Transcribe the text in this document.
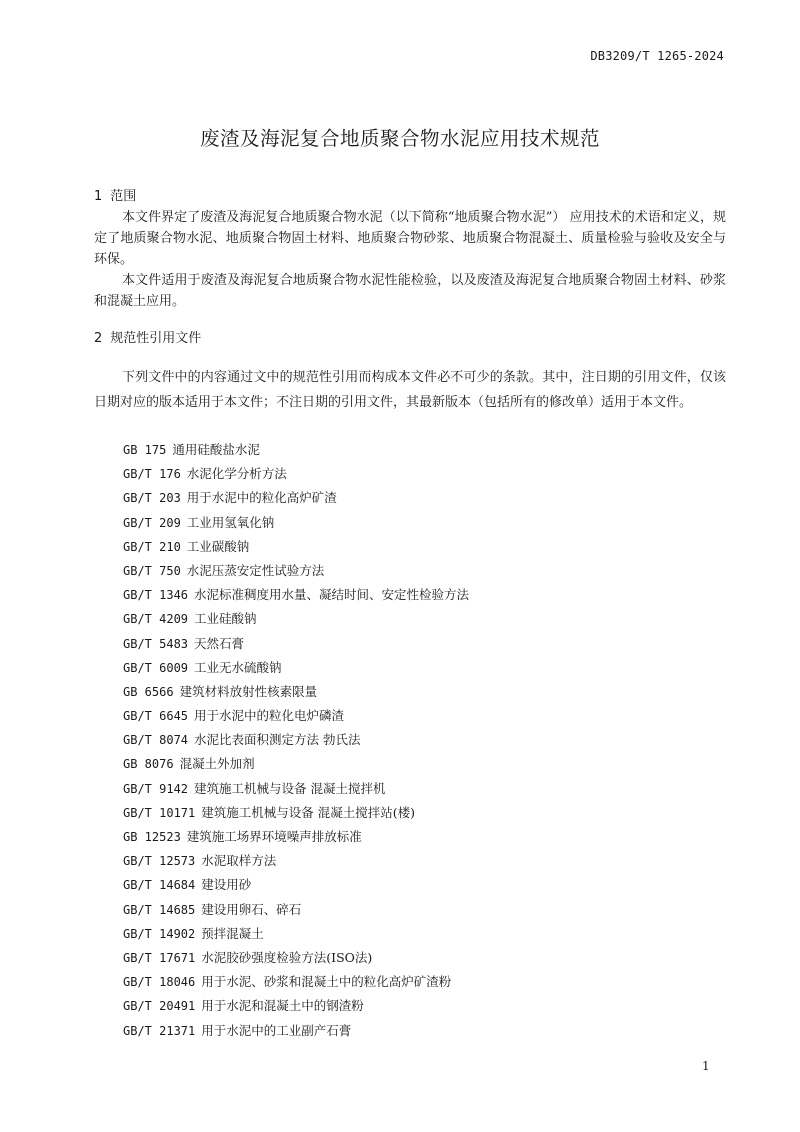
DB3209/T 1265-2024
废渣及海泥复合地质聚合物水泥应用技术规范
1 范围
本文件界定了废渣及海泥复合地质聚合物水泥（以下简称“地质聚合物水泥”） 应用技术的术语和定义，规定了地质聚合物水泥、地质聚合物固土材料、地质聚合物砂浆、地质聚合物混凝土、质量检验与验收及安全与环保。
本文件适用于废渣及海泥复合地质聚合物水泥性能检验，以及废渣及海泥复合地质聚合物固土材料、砂浆和混凝土应用。
2 规范性引用文件
下列文件中的内容通过文中的规范性引用而构成本文件必不可少的条款。其中，注日期的引用文件，仅该日期对应的版本适用于本文件；不注日期的引用文件，其最新版本（包括所有的修改单）适用于本文件。
GB 175 通用硅酸盐水泥
GB/T 176 水泥化学分析方法
GB/T 203 用于水泥中的粒化高炉矿渣
GB/T 209 工业用氢氧化钠
GB/T 210 工业碳酸钠
GB/T 750 水泥压蒸安定性试验方法
GB/T 1346 水泥标准稠度用水量、凝结时间、安定性检验方法
GB/T 4209 工业硅酸钠
GB/T 5483 天然石膏
GB/T 6009 工业无水硫酸钠
GB 6566 建筑材料放射性核素限量
GB/T 6645 用于水泥中的粒化电炉磷渣
GB/T 8074 水泥比表面积测定方法 勃氏法
GB 8076 混凝土外加剂
GB/T 9142 建筑施工机械与设备 混凝土搅拌机
GB/T 10171 建筑施工机械与设备 混凝土搅拌站(楼)
GB 12523 建筑施工场界环境噪声排放标准
GB/T 12573 水泥取样方法
GB/T 14684 建设用砂
GB/T 14685 建设用卵石、碎石
GB/T 14902 预拌混凝土
GB/T 17671 水泥胶砂强度检验方法(ISO法)
GB/T 18046 用于水泥、砂浆和混凝土中的粒化高炉矿渣粉
GB/T 20491 用于水泥和混凝土中的钢渣粉
GB/T 21371 用于水泥中的工业副产石膏
1
